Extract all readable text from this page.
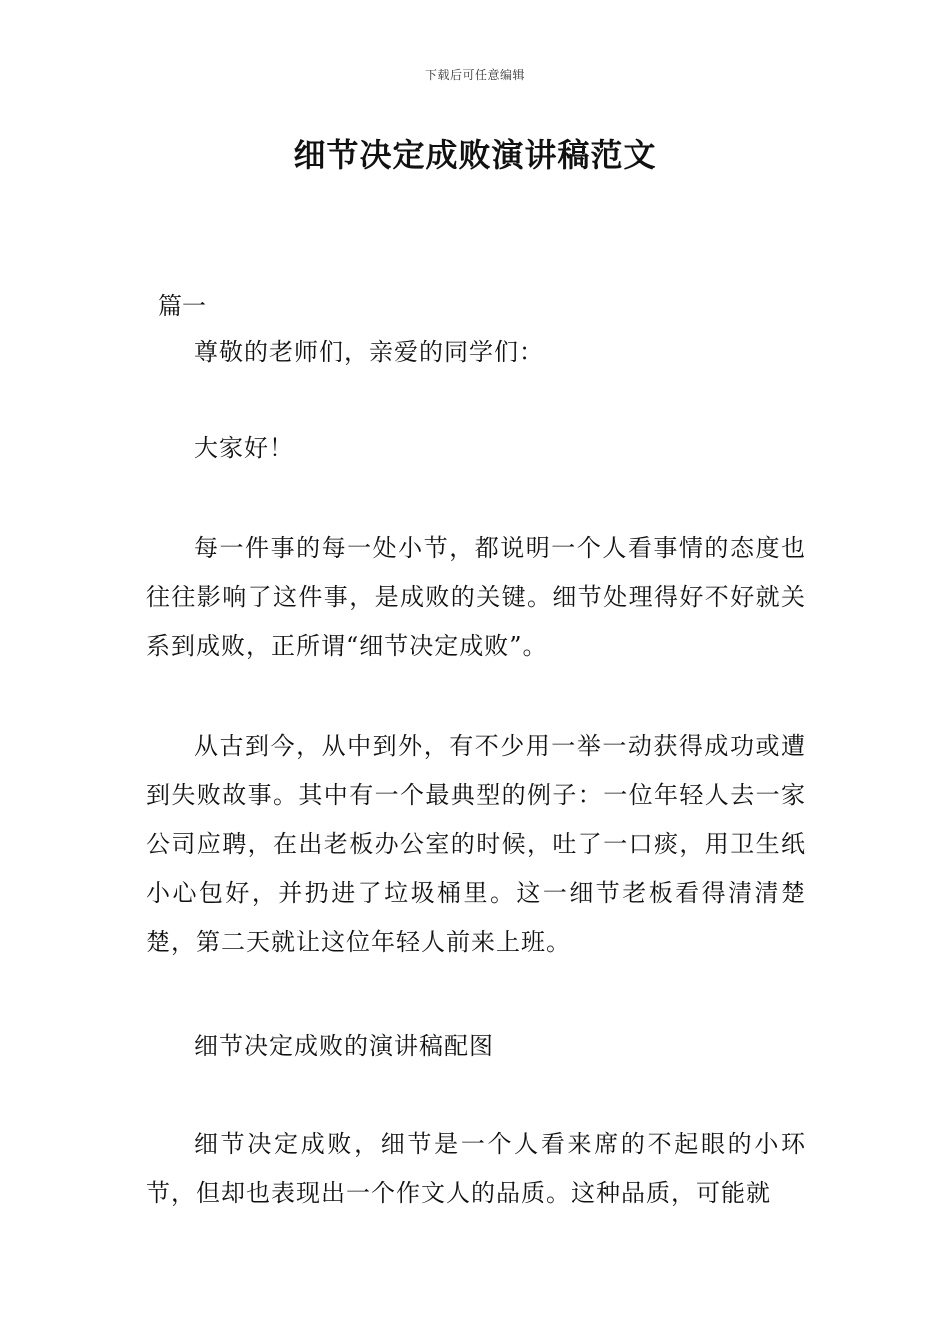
下载后可任意编辑
细节决定成败演讲稿范文
篇一

尊敬的老师们，亲爱的同学们：

大家好！

每一件事的每一处小节，都说明一个人看事情的态度也往往影响了这件事，是成败的关键。细节处理得好不好就关系到成败，正所谓“细节决定成败”。

从古到今，从中到外，有不少用一举一动获得成功或遭到失败故事。其中有一个最典型的例子：一位年轻人去一家公司应聘，在出老板办公室的时候，吐了一口痰，用卫生纸小心包好，并扔进了垃圾桶里。这一细节老板看得清清楚楚，第二天就让这位年轻人前来上班。

细节决定成败的演讲稿配图

细节决定成败，细节是一个人看来席的不起眼的小环节，但却也表现出一个作文人的品质。这种品质，可能就
